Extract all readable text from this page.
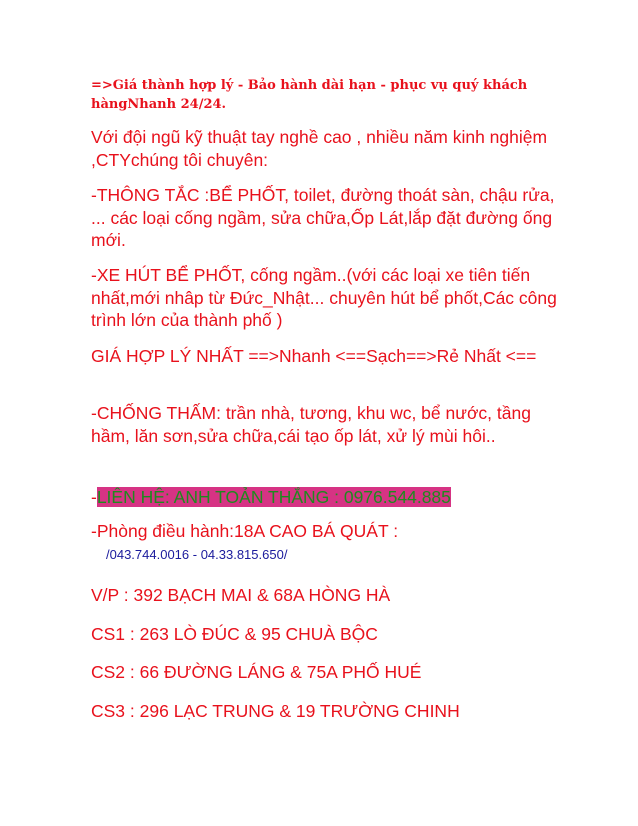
=>Giá thành hợp lý - Bảo hành dài hạn - phục vụ quý khách hàngNhanh 24/24.
Với đội ngũ kỹ thuật tay nghề cao , nhiều năm kinh nghiệm ,CTYchúng tôi chuyên:
-THÔNG TẮC :BỂ PHỐT, toilet, đường thoát sàn, chậu rửa, ... các loại cống ngầm, sửa chữa,Ốp Lát,lắp đặt đường ống mới.
-XE HÚT BỂ PHỐT, cống ngầm..(với các loại xe tiên tiến nhất,mới nhâp từ Đức_Nhật... chuyên hút bể phốt,Các công trình lớn của thành phố )
GIÁ HỢP LÝ NHẤT ==>Nhanh <==Sạch==>Rẻ Nhất <==
-CHỐNG THẤM: trần nhà, tương, khu wc, bể nước, tầng hầm, lăn sơn,sửa chữa,cái tạo ốp lát, xử lý mùi hôi..
-LIÊN HỆ: ANH TOẢN THẮNG : 0976.544.885
-Phòng điều hành:18A CAO BÁ QUÁT :
/043.744.0016 - 04.33.815.650/
V/P : 392 BẠCH MAI & 68A HÒNG HÀ
CS1 : 263 LÒ ĐÚC & 95 CHUÀ BỘC
CS2 : 66 ĐƯỜNG LÁNG & 75A PHỐ HUÉ
CS3 : 296 LẠC TRUNG & 19 TRƯỜNG CHINH
